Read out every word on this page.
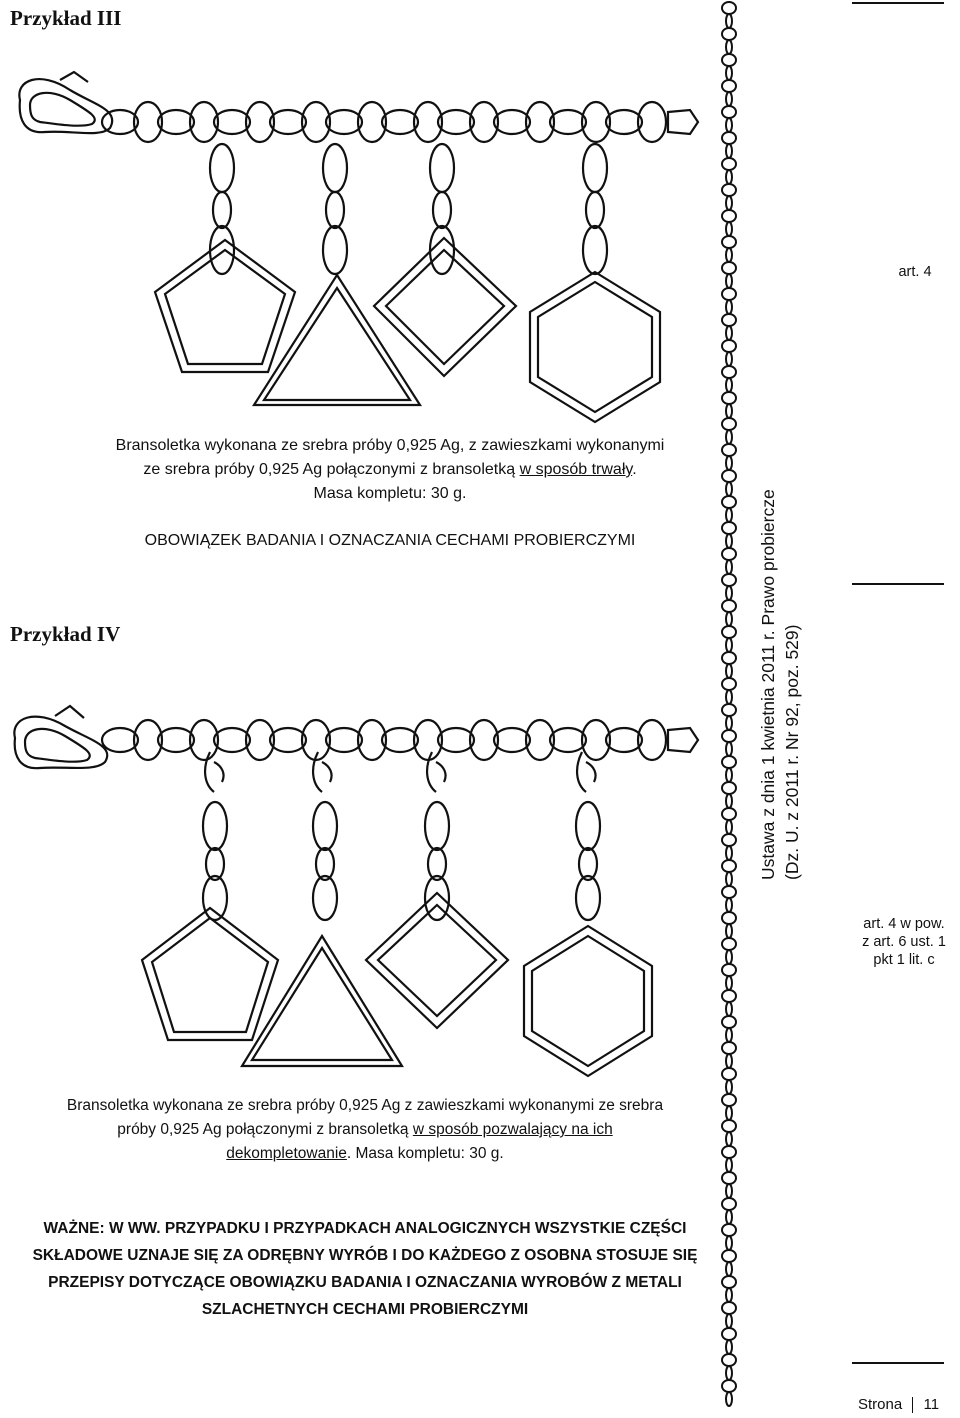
Przykład III
Przykład IV
Bransoletka wykonana ze srebra próby 0,925 Ag, z zawieszkami wykonanymi
ze srebra próby 0,925 Ag połączonymi z bransoletką w sposób trwały.
Masa kompletu: 30 g.
OBOWIĄZEK BADANIA I OZNACZANIA CECHAMI PROBIERCZYMI
Bransoletka wykonana ze srebra próby 0,925 Ag z zawieszkami wykonanymi ze srebra
próby 0,925 Ag połączonymi z bransoletką w sposób pozwalający na ich
dekompletowanie. Masa kompletu: 30 g.
WAŻNE: W WW. PRZYPADKU I PRZYPADKACH ANALOGICZNYCH WSZYSTKIE CZĘŚCI
SKŁADOWE UZNAJE SIĘ ZA ODRĘBNY WYRÓB I DO KAŻDEGO Z OSOBNA STOSUJE SIĘ
PRZEPISY DOTYCZĄCE OBOWIĄZKU BADANIA I OZNACZANIA WYROBÓW Z METALI
SZLACHETNYCH CECHAMI PROBIERCZYMI
Ustawa z dnia 1 kwietnia 2011 r. Prawo probiercze (Dz. U. z 2011 r. Nr 92, poz. 529)
art. 4
art. 4 w pow.
z art. 6 ust. 1
pkt 1 lit. c
Strona 11
